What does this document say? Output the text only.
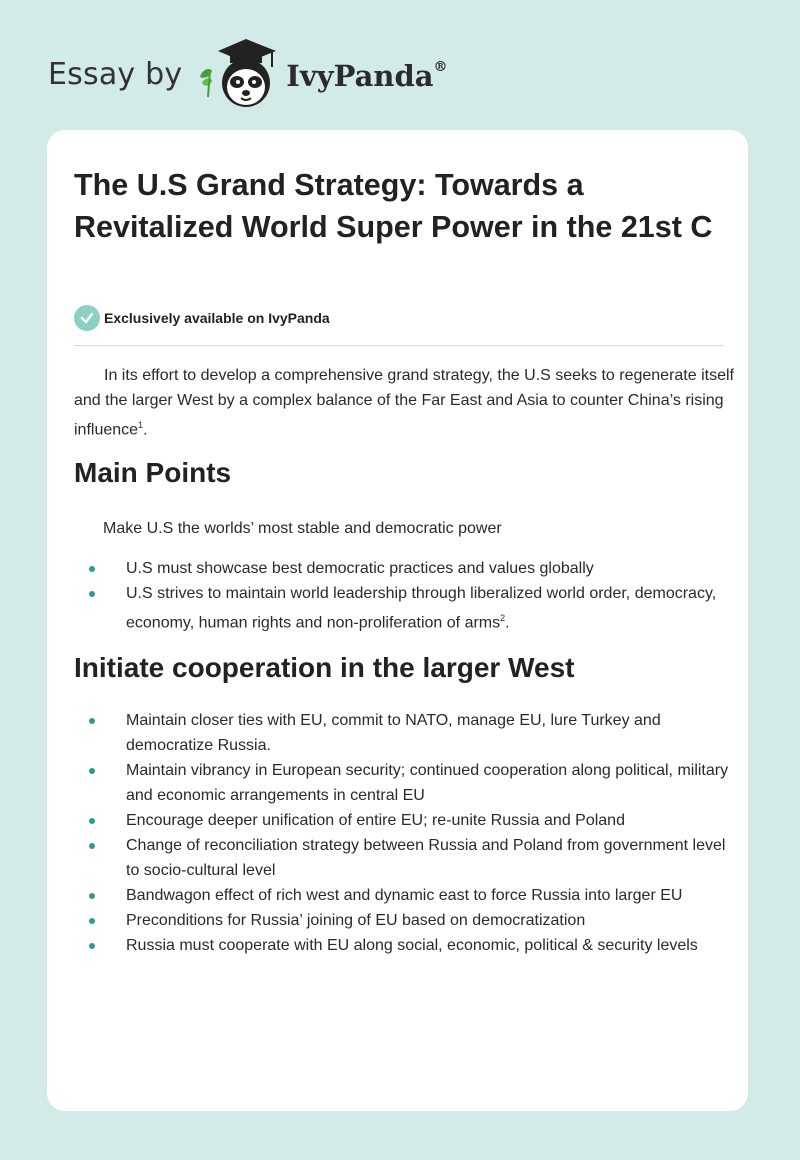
Essay by	IvyPanda®
The U.S Grand Strategy: Towards a Revitalized World Super Power in the 21st C
Exclusively available on IvyPanda

In its effort to develop a comprehensive grand strategy, the U.S seeks to regenerate itself and the larger West by a complex balance of the Far East and Asia to counter China’s rising influence$^1$.

Main Points
Make U.S the worlds’ most stable and democratic power
U.S must showcase best democratic practices and values globally
U.S strives to maintain world leadership through liberalized world order, democracy, economy, human rights and non-proliferation of arms$^2$.
Initiate cooperation in the larger West
Maintain closer ties with EU, commit to NATO, manage EU, lure Turkey and democratize Russia.
Maintain vibrancy in European security; continued cooperation along political, military and economic arrangements in central EU
Encourage deeper unification of entire EU; re-unite Russia and Poland
Change of reconciliation strategy between Russia and Poland from government level to socio-cultural level
Bandwagon effect of rich west and dynamic east to force Russia into larger EU
Preconditions for Russia’ joining of EU based on democratization
Russia must cooperate with EU along social, economic, political & security levels
